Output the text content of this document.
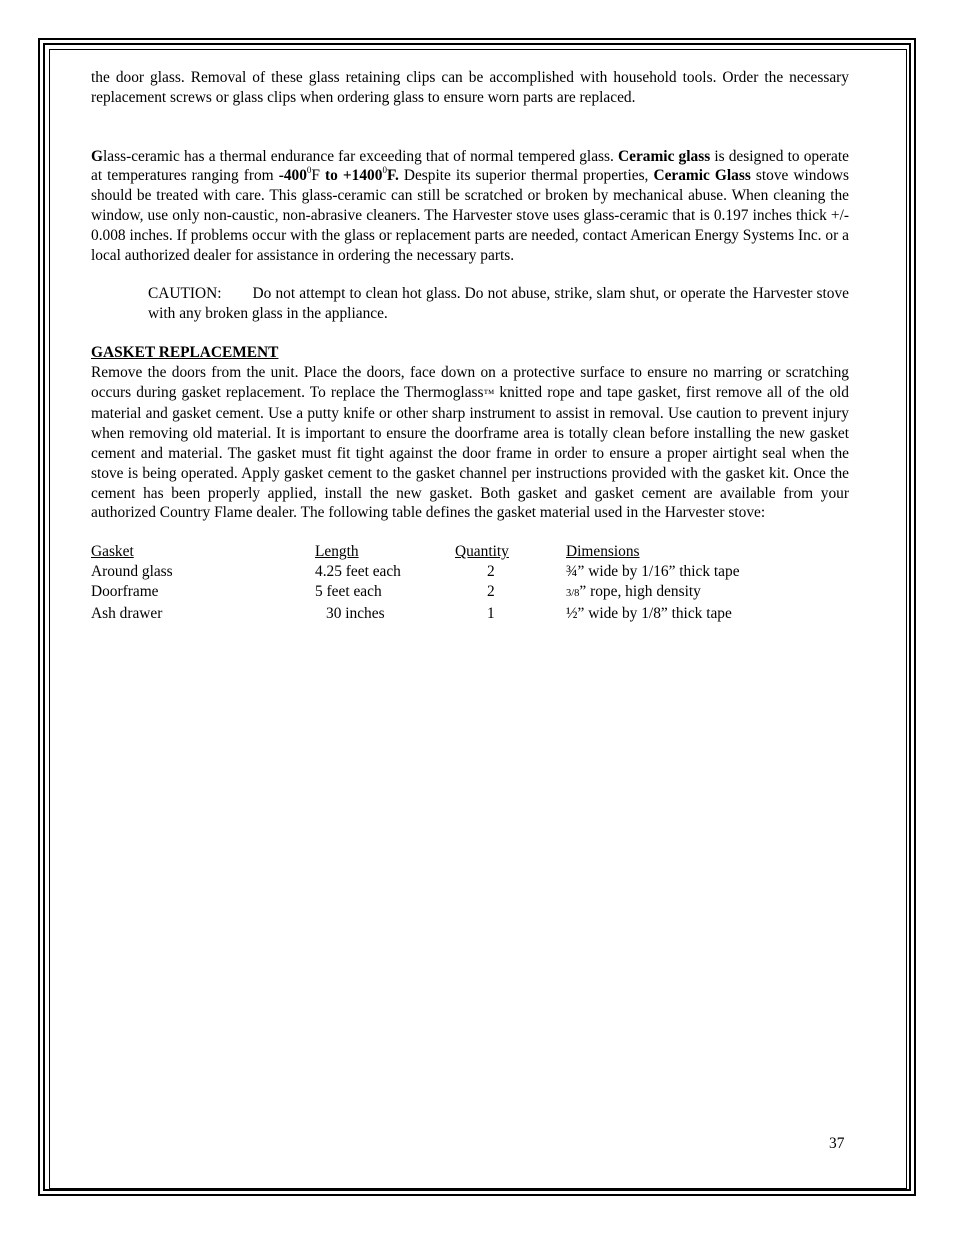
the door glass. Removal of these glass retaining clips can be accomplished with household tools. Order the necessary replacement screws or glass clips when ordering glass to ensure worn parts are replaced.

Glass-ceramic has a thermal endurance far exceeding that of normal tempered glass. Ceramic glass is designed to operate at temperatures ranging from $-400^0F$ to $+1400^0F$. Despite its superior thermal properties, Ceramic Glass stove windows should be treated with care. This glass-ceramic can still be scratched or broken by mechanical abuse. When cleaning the window, use only non-caustic, non-abrasive cleaners. The Harvester stove uses glass-ceramic that is 0.197 inches thick +/- 0.008 inches. If problems occur with the glass or replacement parts are needed, contact American Energy Systems Inc. or a local authorized dealer for assistance in ordering the necessary parts.

CAUTION: Do not attempt to clean hot glass. Do not abuse, strike, slam shut, or operate the Harvester stove with any broken glass in the appliance.

GASKET REPLACEMENT

Remove the doors from the unit. Place the doors, face down on a protective surface to ensure no marring or scratching occurs during gasket replacement. To replace the Thermoglass™ knitted rope and tape gasket, first remove all of the old material and gasket cement. Use a putty knife or other sharp instrument to assist in removal. Use caution to prevent injury when removing old material. It is important to ensure the doorframe area is totally clean before installing the new gasket cement and material. The gasket must fit tight against the door frame in order to ensure a proper airtight seal when the stove is being operated. Apply gasket cement to the gasket channel per instructions provided with the gasket kit. Once the cement has been properly applied, install the new gasket. Both gasket and gasket cement are available from your authorized Country Flame dealer. The following table defines the gasket material used in the Harvester stove:

Gasket	Length	Quantity	Dimensions
Around glass	4.25 feet each	2	¾” wide by 1/16” thick tape
Doorframe	5 feet each	2	3/8” rope, high density
Ash drawer	30 inches	1	½” wide by 1/8” thick tape
37
